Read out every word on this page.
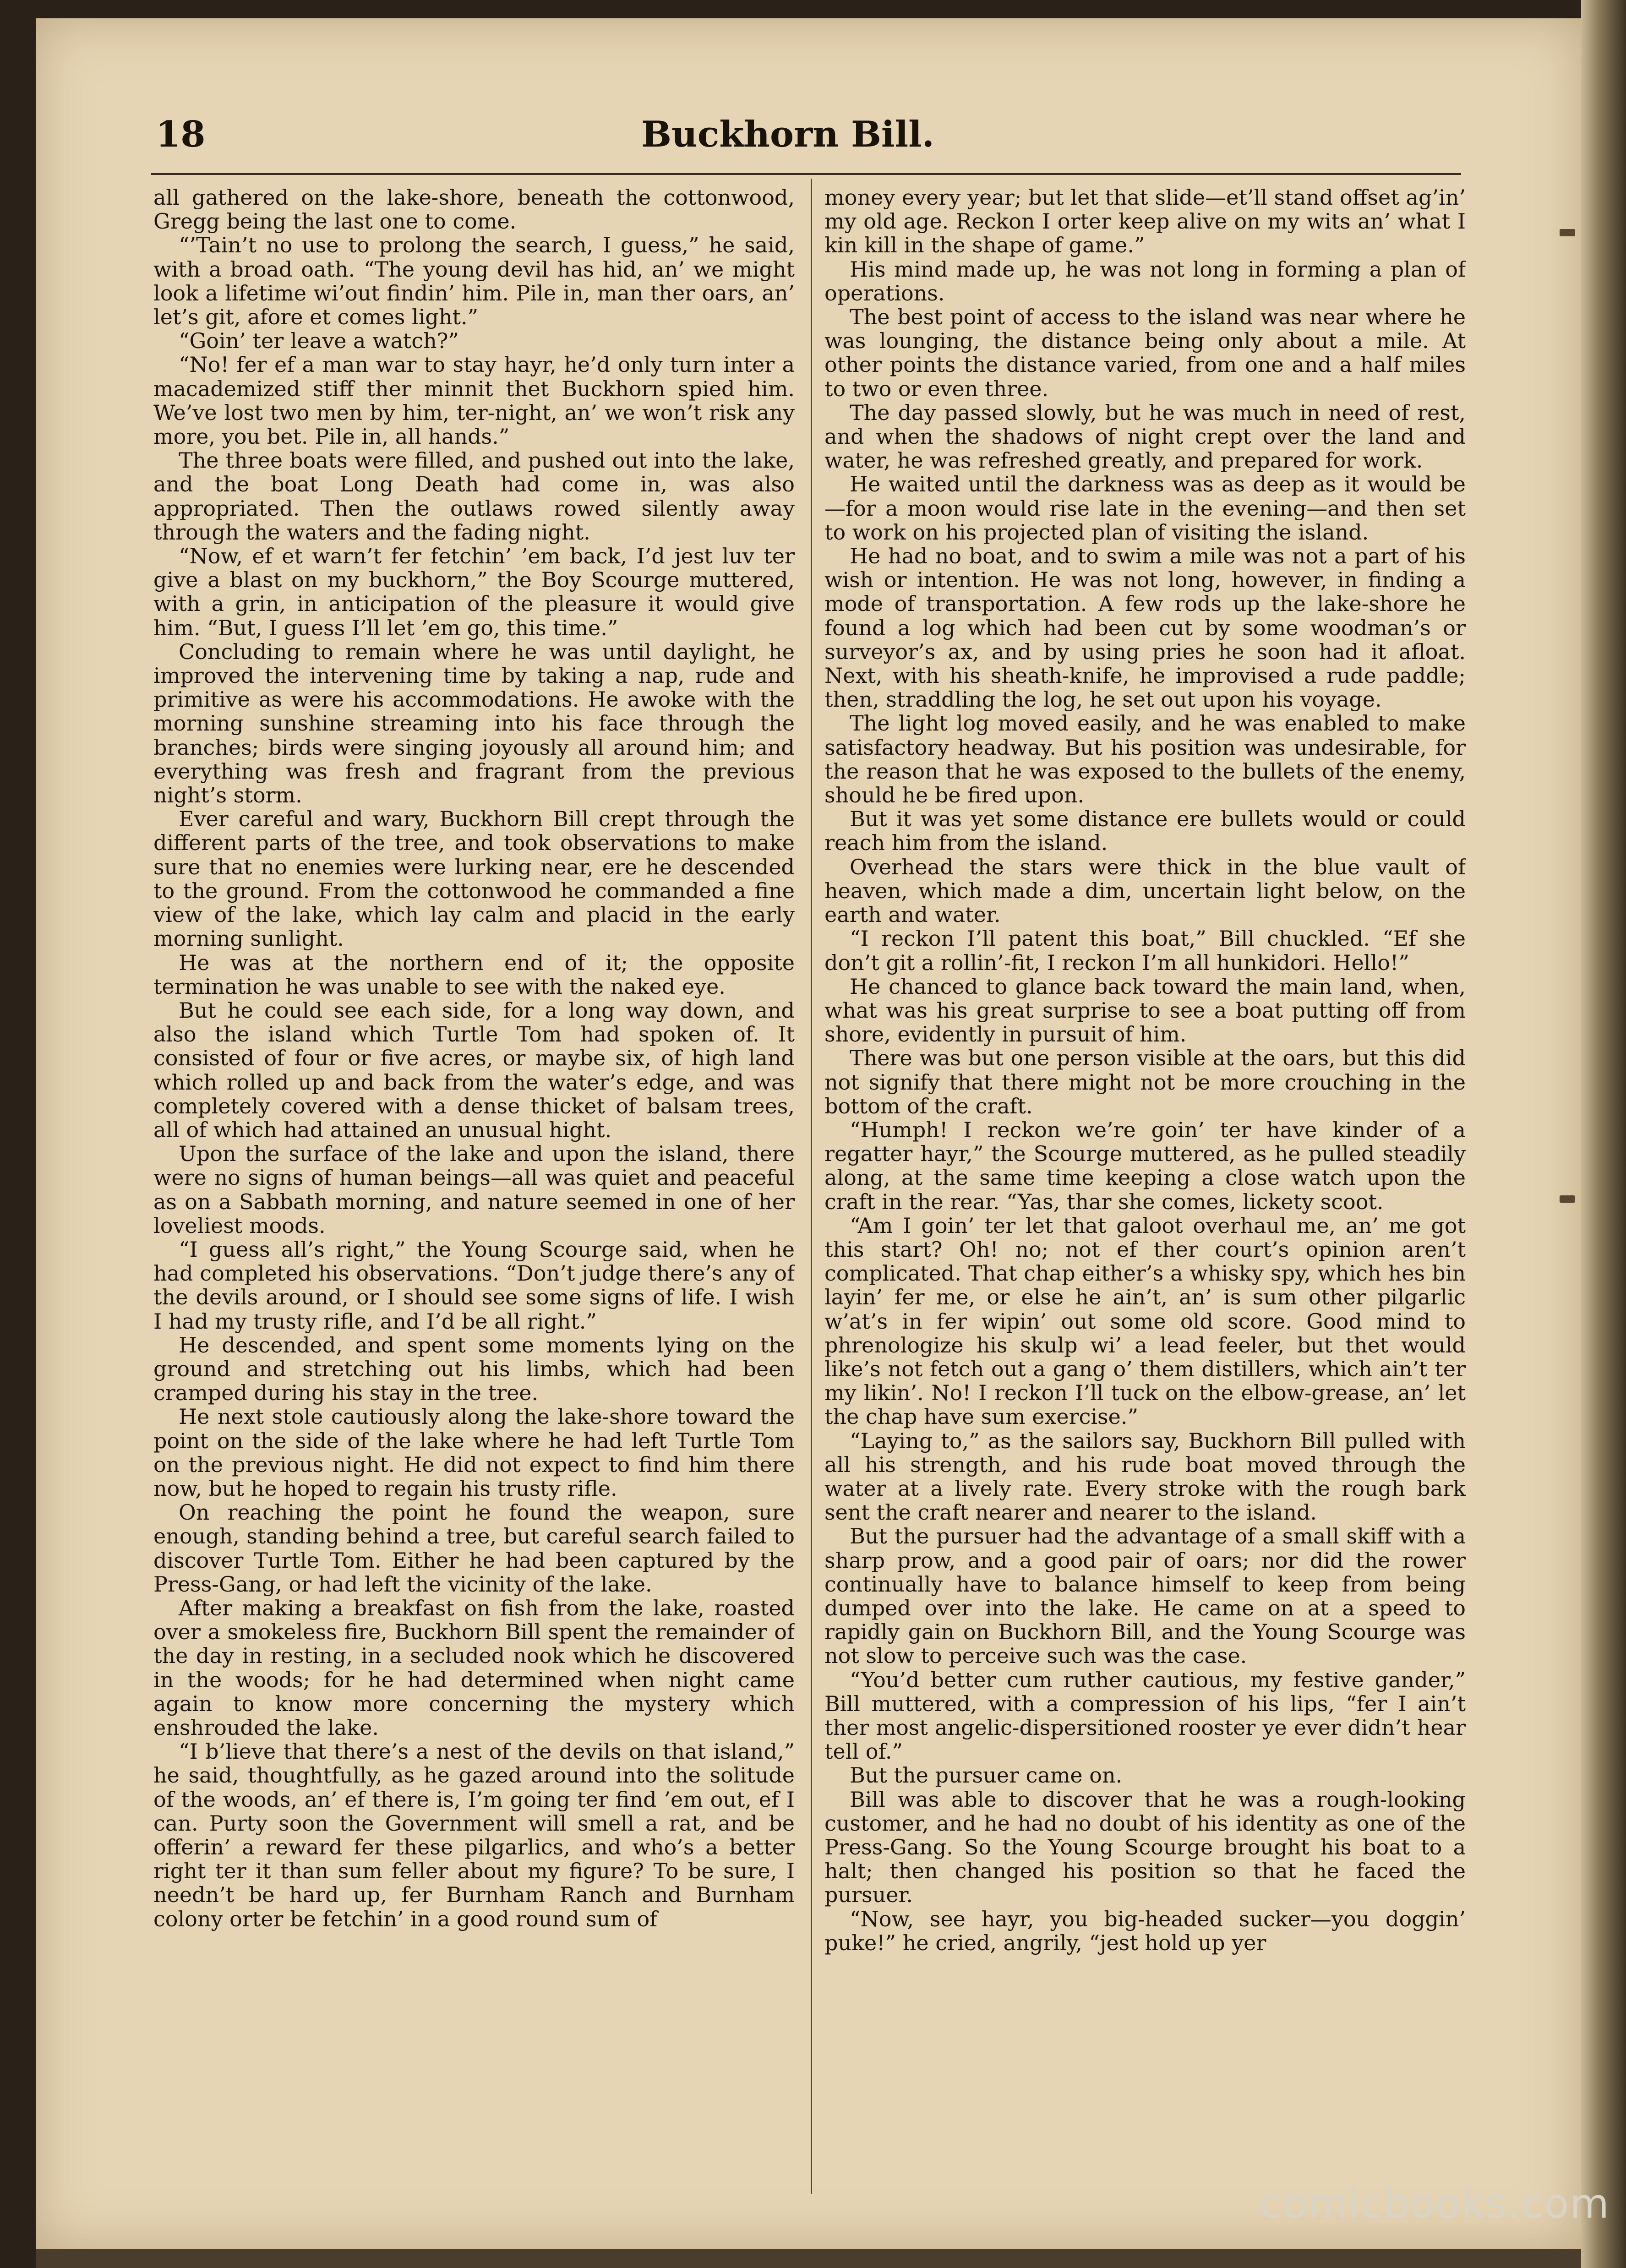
18	Buckhorn Bill.

all gathered on the lake-shore, beneath the cottonwood, Gregg being the last one to come.

“’Tain’t no use to prolong the search, I guess,” he said, with a broad oath. “The young devil has hid, an’ we might look a lifetime wi’out findin’ him. Pile in, man ther oars, an’ let’s git, afore et comes light.”

“Goin’ ter leave a watch?”

“No! fer ef a man war to stay hayr, he’d only turn inter a macademized stiff ther minnit thet Buckhorn spied him. We’ve lost two men by him, ter-night, an’ we won’t risk any more, you bet. Pile in, all hands.”

The three boats were filled, and pushed out into the lake, and the boat Long Death had come in, was also appropriated. Then the outlaws rowed silently away through the waters and the fading night.

“Now, ef et warn’t fer fetchin’ ’em back, I’d jest luv ter give a blast on my buckhorn,” the Boy Scourge muttered, with a grin, in anticipation of the pleasure it would give him. “But, I guess I’ll let ’em go, this time.”

Concluding to remain where he was until daylight, he improved the intervening time by taking a nap, rude and primitive as were his accommodations. He awoke with the morning sunshine streaming into his face through the branches; birds were singing joyously all around him; and everything was fresh and fragrant from the previous night’s storm.

Ever careful and wary, Buckhorn Bill crept through the different parts of the tree, and took observations to make sure that no enemies were lurking near, ere he descended to the ground. From the cottonwood he commanded a fine view of the lake, which lay calm and placid in the early morning sunlight.

He was at the northern end of it; the opposite termination he was unable to see with the naked eye.

But he could see each side, for a long way down, and also the island which Turtle Tom had spoken of. It consisted of four or five acres, or maybe six, of high land which rolled up and back from the water’s edge, and was completely covered with a dense thicket of balsam trees, all of which had attained an unusual hight.

Upon the surface of the lake and upon the island, there were no signs of human beings—all was quiet and peaceful as on a Sabbath morning, and nature seemed in one of her loveliest moods.

“I guess all’s right,” the Young Scourge said, when he had completed his observations. “Don’t judge there’s any of the devils around, or I should see some signs of life. I wish I had my trusty rifle, and I’d be all right.”

He descended, and spent some moments lying on the ground and stretching out his limbs, which had been cramped during his stay in the tree.

He next stole cautiously along the lake-shore toward the point on the side of the lake where he had left Turtle Tom on the previous night. He did not expect to find him there now, but he hoped to regain his trusty rifle.

On reaching the point he found the weapon, sure enough, standing behind a tree, but careful search failed to discover Turtle Tom. Either he had been captured by the Press-Gang, or had left the vicinity of the lake.

After making a breakfast on fish from the lake, roasted over a smokeless fire, Buckhorn Bill spent the remainder of the day in resting, in a secluded nook which he discovered in the woods; for he had determined when night came again to know more concerning the mystery which enshrouded the lake.

“I b’lieve that there’s a nest of the devils on that island,” he said, thoughtfully, as he gazed around into the solitude of the woods, an’ ef there is, I’m going ter find ’em out, ef I can. Purty soon the Government will smell a rat, and be offerin’ a reward fer these pilgarlics, and who’s a better right ter it than sum feller about my figure? To be sure, I needn’t be hard up, fer Burnham Ranch and Burnham colony orter be fetchin’ in a good round sum of

money every year; but let that slide—et’ll stand offset ag’in’ my old age. Reckon I orter keep alive on my wits an’ what I kin kill in the shape of game.”

His mind made up, he was not long in forming a plan of operations.

The best point of access to the island was near where he was lounging, the distance being only about a mile. At other points the distance varied, from one and a half miles to two or even three.

The day passed slowly, but he was much in need of rest, and when the shadows of night crept over the land and water, he was refreshed greatly, and prepared for work.

He waited until the darkness was as deep as it would be—for a moon would rise late in the evening—and then set to work on his projected plan of visiting the island.

He had no boat, and to swim a mile was not a part of his wish or intention. He was not long, however, in finding a mode of transportation. A few rods up the lake-shore he found a log which had been cut by some woodman’s or surveyor’s ax, and by using pries he soon had it afloat. Next, with his sheath-knife, he improvised a rude paddle; then, straddling the log, he set out upon his voyage.

The light log moved easily, and he was enabled to make satisfactory headway. But his position was undesirable, for the reason that he was exposed to the bullets of the enemy, should he be fired upon.

But it was yet some distance ere bullets would or could reach him from the island.

Overhead the stars were thick in the blue vault of heaven, which made a dim, uncertain light below, on the earth and water.

“I reckon I’ll patent this boat,” Bill chuckled. “Ef she don’t git a rollin’-fit, I reckon I’m all hunkidori. Hello!”

He chanced to glance back toward the main land, when, what was his great surprise to see a boat putting off from shore, evidently in pursuit of him.

There was but one person visible at the oars, but this did not signify that there might not be more crouching in the bottom of the craft.

“Humph! I reckon we’re goin’ ter have kinder of a regatter hayr,” the Scourge muttered, as he pulled steadily along, at the same time keeping a close watch upon the craft in the rear. “Yas, thar she comes, lickety scoot.

“Am I goin’ ter let that galoot overhaul me, an’ me got this start? Oh! no; not ef ther court’s opinion aren’t complicated. That chap either’s a whisky spy, which hes bin layin’ fer me, or else he ain’t, an’ is sum other pilgarlic w’at’s in fer wipin’ out some old score. Good mind to phrenologize his skulp wi’ a lead feeler, but thet would like’s not fetch out a gang o’ them distillers, which ain’t ter my likin’. No! I reckon I’ll tuck on the elbow-grease, an’ let the chap have sum exercise.”

“Laying to,” as the sailors say, Buckhorn Bill pulled with all his strength, and his rude boat moved through the water at a lively rate. Every stroke with the rough bark sent the craft nearer and nearer to the island.

But the pursuer had the advantage of a small skiff with a sharp prow, and a good pair of oars; nor did the rower continually have to balance himself to keep from being dumped over into the lake. He came on at a speed to rapidly gain on Buckhorn Bill, and the Young Scourge was not slow to perceive such was the case.

“You’d better cum ruther cautious, my festive gander,” Bill muttered, with a compression of his lips, “fer I ain’t ther most angelic-dispersitioned rooster ye ever didn’t hear tell of.”

But the pursuer came on.

Bill was able to discover that he was a rough-looking customer, and he had no doubt of his identity as one of the Press-Gang. So the Young Scourge brought his boat to a halt; then changed his position so that he faced the pursuer.

“Now, see hayr, you big-headed sucker—you doggin’ puke!” he cried, angrily, “jest hold up yer

comicbooks.com
